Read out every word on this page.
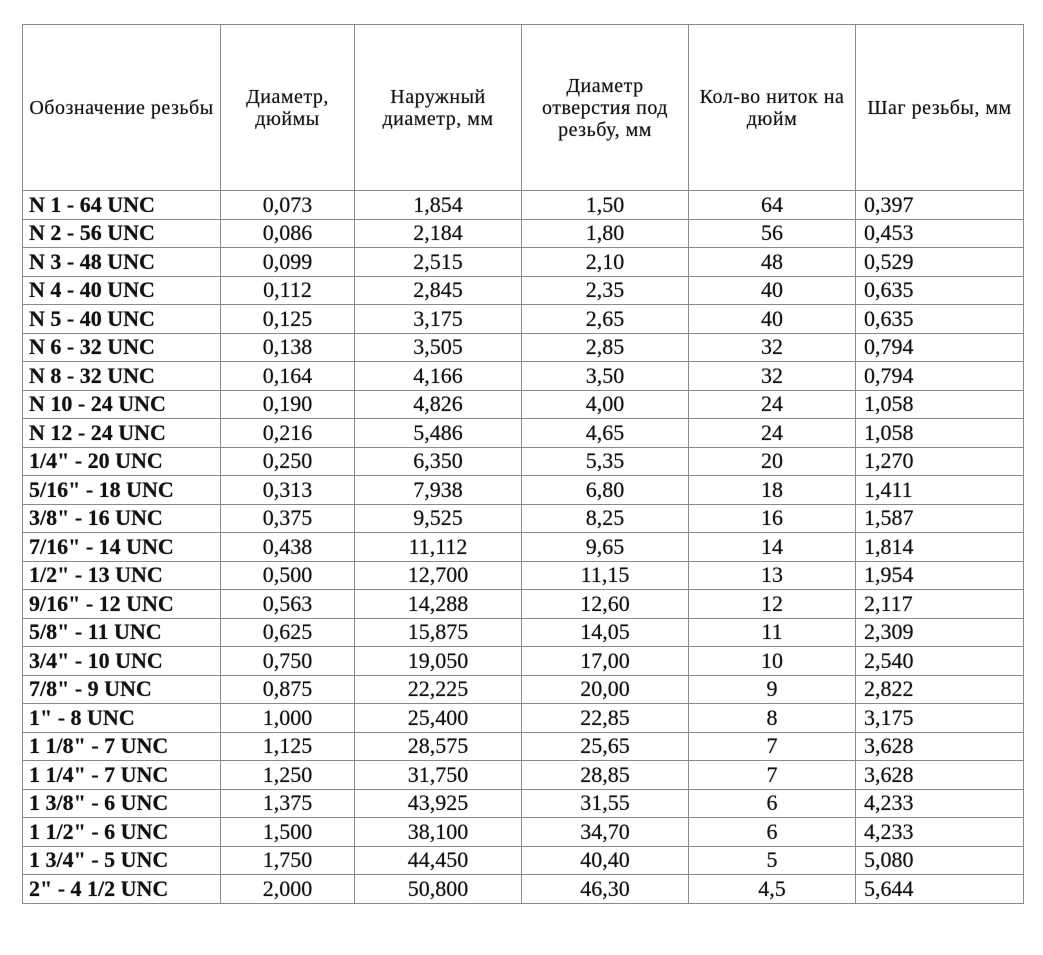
Обозначение резьбы	Диаметр, дюймы	Наружный диаметр, мм	Диаметр отверстия под резьбу, мм	Кол-во ниток на дюйм	Шаг резьбы, мм
N 1 - 64 UNC	0,073	1,854	1,50	64	0,397
N 2 - 56 UNC	0,086	2,184	1,80	56	0,453
N 3 - 48 UNC	0,099	2,515	2,10	48	0,529
N 4 - 40 UNC	0,112	2,845	2,35	40	0,635
N 5 - 40 UNC	0,125	3,175	2,65	40	0,635
N 6 - 32 UNC	0,138	3,505	2,85	32	0,794
N 8 - 32 UNC	0,164	4,166	3,50	32	0,794
N 10 - 24 UNC	0,190	4,826	4,00	24	1,058
N 12 - 24 UNC	0,216	5,486	4,65	24	1,058
1/4" - 20 UNC	0,250	6,350	5,35	20	1,270
5/16" - 18 UNC	0,313	7,938	6,80	18	1,411
3/8" - 16 UNC	0,375	9,525	8,25	16	1,587
7/16" - 14 UNC	0,438	11,112	9,65	14	1,814
1/2" - 13 UNC	0,500	12,700	11,15	13	1,954
9/16" - 12 UNC	0,563	14,288	12,60	12	2,117
5/8" - 11 UNC	0,625	15,875	14,05	11	2,309
3/4" - 10 UNC	0,750	19,050	17,00	10	2,540
7/8" - 9 UNC	0,875	22,225	20,00	9	2,822
1" - 8 UNC	1,000	25,400	22,85	8	3,175
1 1/8" - 7 UNC	1,125	28,575	25,65	7	3,628
1 1/4" - 7 UNC	1,250	31,750	28,85	7	3,628
1 3/8" - 6 UNC	1,375	43,925	31,55	6	4,233
1 1/2" - 6 UNC	1,500	38,100	34,70	6	4,233
1 3/4" - 5 UNC	1,750	44,450	40,40	5	5,080
2" - 4 1/2 UNC	2,000	50,800	46,30	4,5	5,644
